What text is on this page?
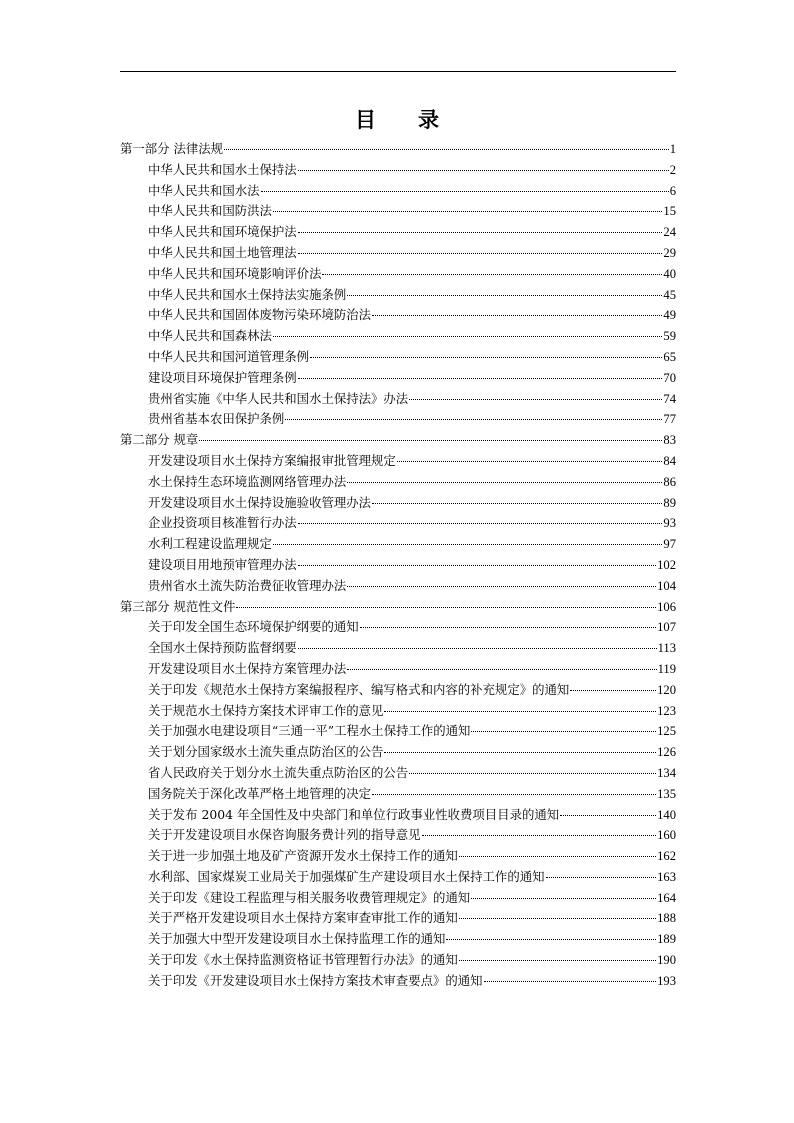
目 录
第一部分 法律法规	1
中华人民共和国水土保持法	2
中华人民共和国水法	6
中华人民共和国防洪法	15
中华人民共和国环境保护法	24
中华人民共和国土地管理法	29
中华人民共和国环境影响评价法	40
中华人民共和国水土保持法实施条例	45
中华人民共和国固体废物污染环境防治法	49
中华人民共和国森林法	59
中华人民共和国河道管理条例	65
建设项目环境保护管理条例	70
贵州省实施《中华人民共和国水土保持法》办法	74
贵州省基本农田保护条例	77
第二部分 规章	83
开发建设项目水土保持方案编报审批管理规定	84
水土保持生态环境监测网络管理办法	86
开发建设项目水土保持设施验收管理办法	89
企业投资项目核准暂行办法	93
水利工程建设监理规定	97
建设项目用地预审管理办法	102
贵州省水土流失防治费征收管理办法	104
第三部分 规范性文件	106
关于印发全国生态环境保护纲要的通知	107
全国水土保持预防监督纲要	113
开发建设项目水土保持方案管理办法	119
关于印发《规范水土保持方案编报程序、编写格式和内容的补充规定》的通知	120
关于规范水土保持方案技术评审工作的意见	123
关于加强水电建设项目“三通一平”工程水土保持工作的通知	125
关于划分国家级水土流失重点防治区的公告	126
省人民政府关于划分水土流失重点防治区的公告	134
国务院关于深化改革严格土地管理的决定	135
关于发布 2004 年全国性及中央部门和单位行政事业性收费项目目录的通知	140
关于开发建设项目水保咨询服务费计列的指导意见	160
关于进一步加强土地及矿产资源开发水土保持工作的通知	162
水利部、国家煤炭工业局关于加强煤矿生产建设项目水土保持工作的通知	163
关于印发《建设工程监理与相关服务收费管理规定》的通知	164
关于严格开发建设项目水土保持方案审查审批工作的通知	188
关于加强大中型开发建设项目水土保持监理工作的通知	189
关于印发《水土保持监测资格证书管理暂行办法》的通知	190
关于印发《开发建设项目水土保持方案技术审查要点》的通知	193
